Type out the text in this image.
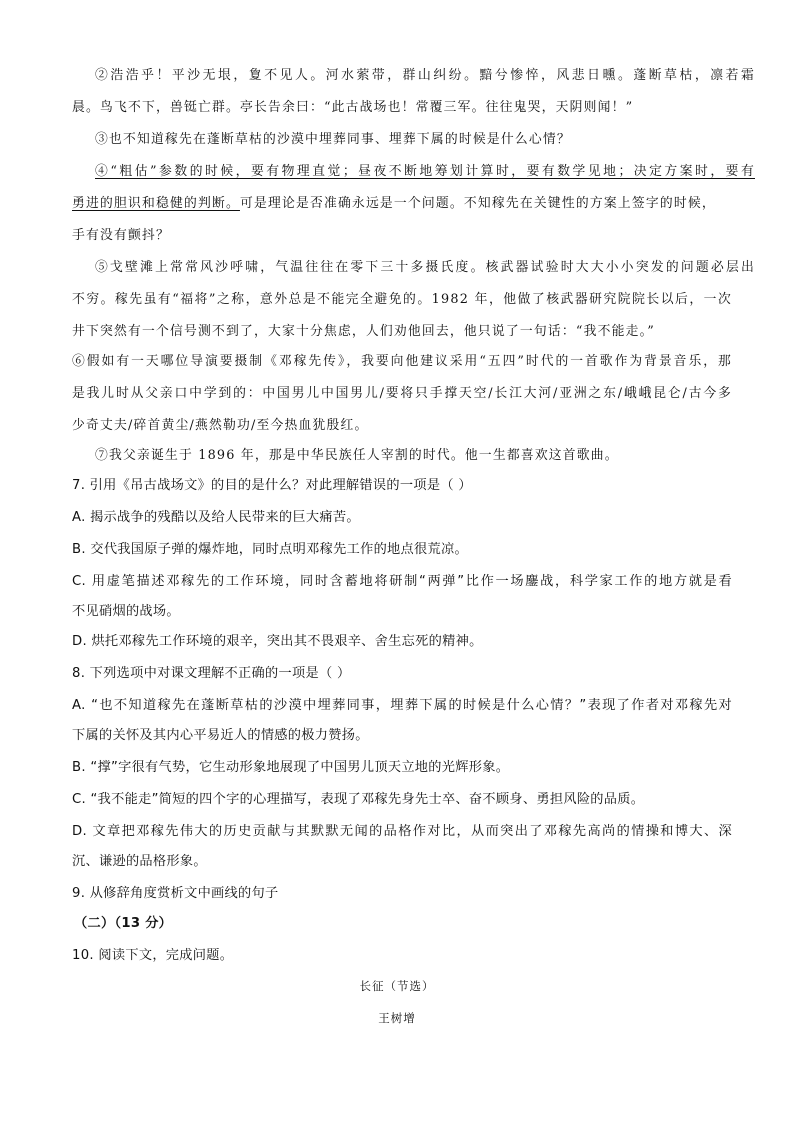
②浩浩乎！平沙无垠，夐不见人。河水萦带，群山纠纷。黯兮惨悴，风悲日曛。蓬断草枯，凛若霜
晨。鸟飞不下，兽铤亡群。亭长告余曰：“此古战场也！常覆三军。往往鬼哭，天阴则闻！”
③也不知道稼先在蓬断草枯的沙漠中埋葬同事、埋葬下属的时候是什么心情？
④“粗估”参数的时候，要有物理直觉；昼夜不断地筹划计算时，要有数学见地；决定方案时，要有
勇进的胆识和稳健的判断。可是理论是否准确永远是一个问题。不知稼先在关键性的方案上签字的时候，
手有没有颤抖？
⑤戈壁滩上常常风沙呼啸，气温往往在零下三十多摄氏度。核武器试验时大大小小突发的问题必层出
不穷。稼先虽有“福将”之称，意外总是不能完全避免的。1982 年，他做了核武器研究院院长以后，一次
井下突然有一个信号测不到了，大家十分焦虑，人们劝他回去，他只说了一句话：“我不能走。”
⑥假如有一天哪位导演要摄制《邓稼先传》，我要向他建议采用“五四”时代的一首歌作为背景音乐，那
是我儿时从父亲口中学到的：中国男儿中国男儿/要将只手撑天空/长江大河/亚洲之东/峨峨昆仑/古今多
少奇丈夫/碎首黄尘/燕然勒功/至今热血犹殷红。
⑦我父亲诞生于 1896 年，那是中华民族任人宰割的时代。他一生都喜欢这首歌曲。
7. 引用《吊古战场文》的目的是什么？对此理解错误的一项是（ ）
A. 揭示战争的残酷以及给人民带来的巨大痛苦。
B. 交代我国原子弹的爆炸地，同时点明邓稼先工作的地点很荒凉。
C. 用虚笔描述邓稼先的工作环境，同时含蓄地将研制“两弹”比作一场鏖战，科学家工作的地方就是看
不见硝烟的战场。
D. 烘托邓稼先工作环境的艰辛，突出其不畏艰辛、舍生忘死的精神。
8. 下列选项中对课文理解不正确的一项是（ ）
A. “也不知道稼先在蓬断草枯的沙漠中埋葬同事，埋葬下属的时候是什么心情？”表现了作者对邓稼先对
下属的关怀及其内心平易近人的情感的极力赞扬。
B. “撑”字很有气势，它生动形象地展现了中国男儿顶天立地的光辉形象。
C. “我不能走”简短的四个字的心理描写，表现了邓稼先身先士卒、奋不顾身、勇担风险的品质。
D. 文章把邓稼先伟大的历史贡献与其默默无闻的品格作对比，从而突出了邓稼先高尚的情操和博大、深
沉、谦逊的品格形象。
9. 从修辞角度赏析文中画线的句子
（二）（13 分）
10. 阅读下文，完成问题。
长征（节选）
王树增
